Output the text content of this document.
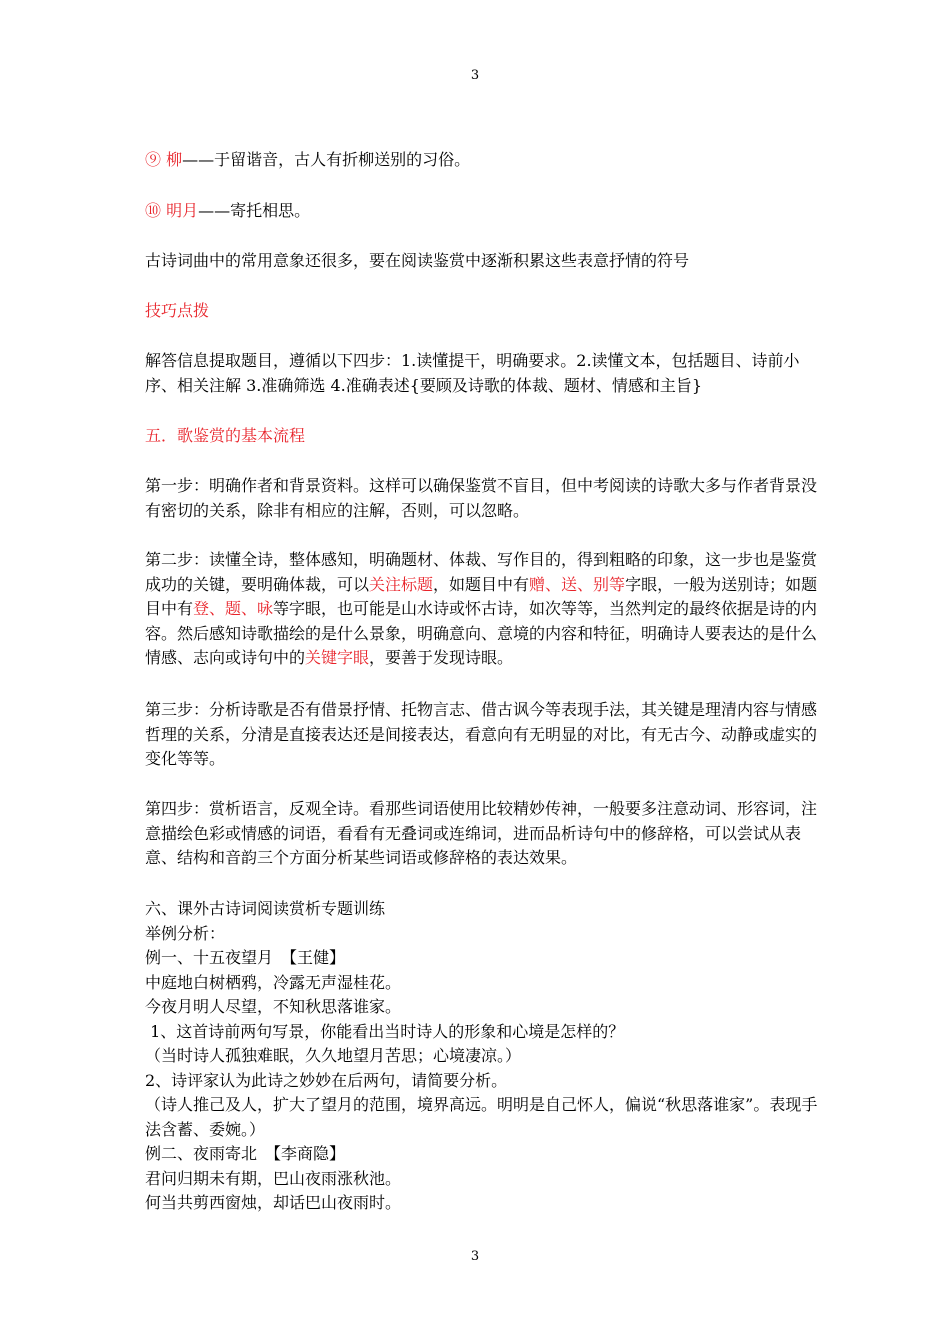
3
⑨ 柳——于留谐音，古人有折柳送别的习俗。
⑩ 明月——寄托相思。
古诗词曲中的常用意象还很多，要在阅读鉴赏中逐渐积累这些表意抒情的符号
技巧点拨
解答信息提取题目，遵循以下四步：1.读懂提干，明确要求。2.读懂文本，包括题目、诗前小序、相关注解 3.准确筛选 4.准确表述{要顾及诗歌的体裁、题材、情感和主旨}
五．歌鉴赏的基本流程
第一步：明确作者和背景资料。这样可以确保鉴赏不盲目，但中考阅读的诗歌大多与作者背景没有密切的关系，除非有相应的注解，否则，可以忽略。
第二步：读懂全诗，整体感知，明确题材、体裁、写作目的，得到粗略的印象，这一步也是鉴赏成功的关键，要明确体裁，可以关注标题，如题目中有赠、送、别等字眼，一般为送别诗；如题目中有登、题、咏等字眼，也可能是山水诗或怀古诗，如次等等，当然判定的最终依据是诗的内容。然后感知诗歌描绘的是什么景象，明确意向、意境的内容和特征，明确诗人要表达的是什么情感、志向或诗句中的关键字眼，要善于发现诗眼。
第三步：分析诗歌是否有借景抒情、托物言志、借古讽今等表现手法，其关键是理清内容与情感哲理的关系，分清是直接表达还是间接表达，看意向有无明显的对比，有无古今、动静或虚实的变化等等。
第四步：赏析语言，反观全诗。看那些词语使用比较精妙传神，一般要多注意动词、形容词，注意描绘色彩或情感的词语，看看有无叠词或连绵词，进而品析诗句中的修辞格，可以尝试从表意、结构和音韵三个方面分析某些词语或修辞格的表达效果。
六、课外古诗词阅读赏析专题训练
举例分析：
例一、十五夜望月　【王健】
中庭地白树栖鸦，冷露无声湿桂花。
今夜月明人尽望，不知秋思落谁家。
1、这首诗前两句写景，你能看出当时诗人的形象和心境是怎样的？
（当时诗人孤独难眠，久久地望月苦思；心境凄凉。）
2、诗评家认为此诗之妙妙在后两句，请简要分析。
（诗人推己及人，扩大了望月的范围，境界高远。明明是自己怀人，偏说“秋思落谁家”。表现手法含蓄、委婉。）
例二、夜雨寄北　【李商隐】
君问归期未有期，巴山夜雨涨秋池。
何当共剪西窗烛，却话巴山夜雨时。
3
